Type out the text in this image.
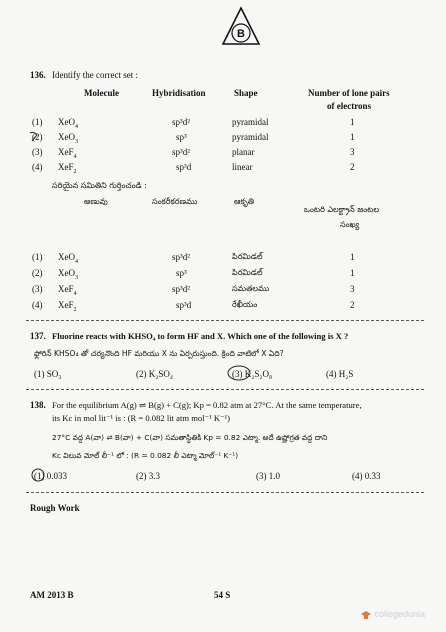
B
136. Identify the correct set :
Molecule	Hybridisation	Shape	Number of lone pairs
of electrons
(1) XeO$_4$	sp³d²	pyramidal	1
(2) XeO$_3$	sp³	pyramidal	1
(3) XeF$_4$	sp³d²	planar	3
(4) XeF$_2$	sp³d	linear	2
సరియైన సమితిని గుర్తించండి :
అణువు	సంకరీకరణము	ఆకృతి
ఒంటరి ఎలక్ట్రాన్ జంటల
సంఖ్య
(1) XeO$_4$	sp³d²	పిరమిడల్	1
(2) XeO$_3$	sp³	పిరమిడల్	1
(3) XeF$_4$	sp³d²	సమతలము	3
(4) XeF$_2$	sp³d	రేఖీయం	2
137. Fluorine reacts with KHSO₄ to form HF and X. Which one of the following is X ?
ఫ్లోరిన్ KHSO₄ తో చర్యనొంది HF మరియు X ను ఏర్పరుస్తుంది. క్రింది వాటిలో X ఏది?
(1) SO₃	(2) K₂SO₄	(3) K₂S₂O₈	(4) H₂S
138. For the equilibrium A(g) ⇌ B(g) + C(g); Kp = 0.82 atm at 27°C. At the same temperature,
its Kc in mol lit⁻¹ is : (R = 0.082 lit atm mol⁻¹ K⁻¹)
27°C వద్ద A(వా) ⇌ B(వా) + C(వా) సమతాస్థితికి Kp = 0.82 ఎట్మా. అదే ఉష్ణోగ్రత వద్ద దాని
Kc విలువ మోల్ లీ⁻¹ లో : (R = 0.082 లీ ఎట్మా మోల్⁻¹ K⁻¹)
(1) 0.033	(2) 3.3	(3) 1.0	(4) 0.33
Rough Work
AM 2013 B	54 S
collegedunia
